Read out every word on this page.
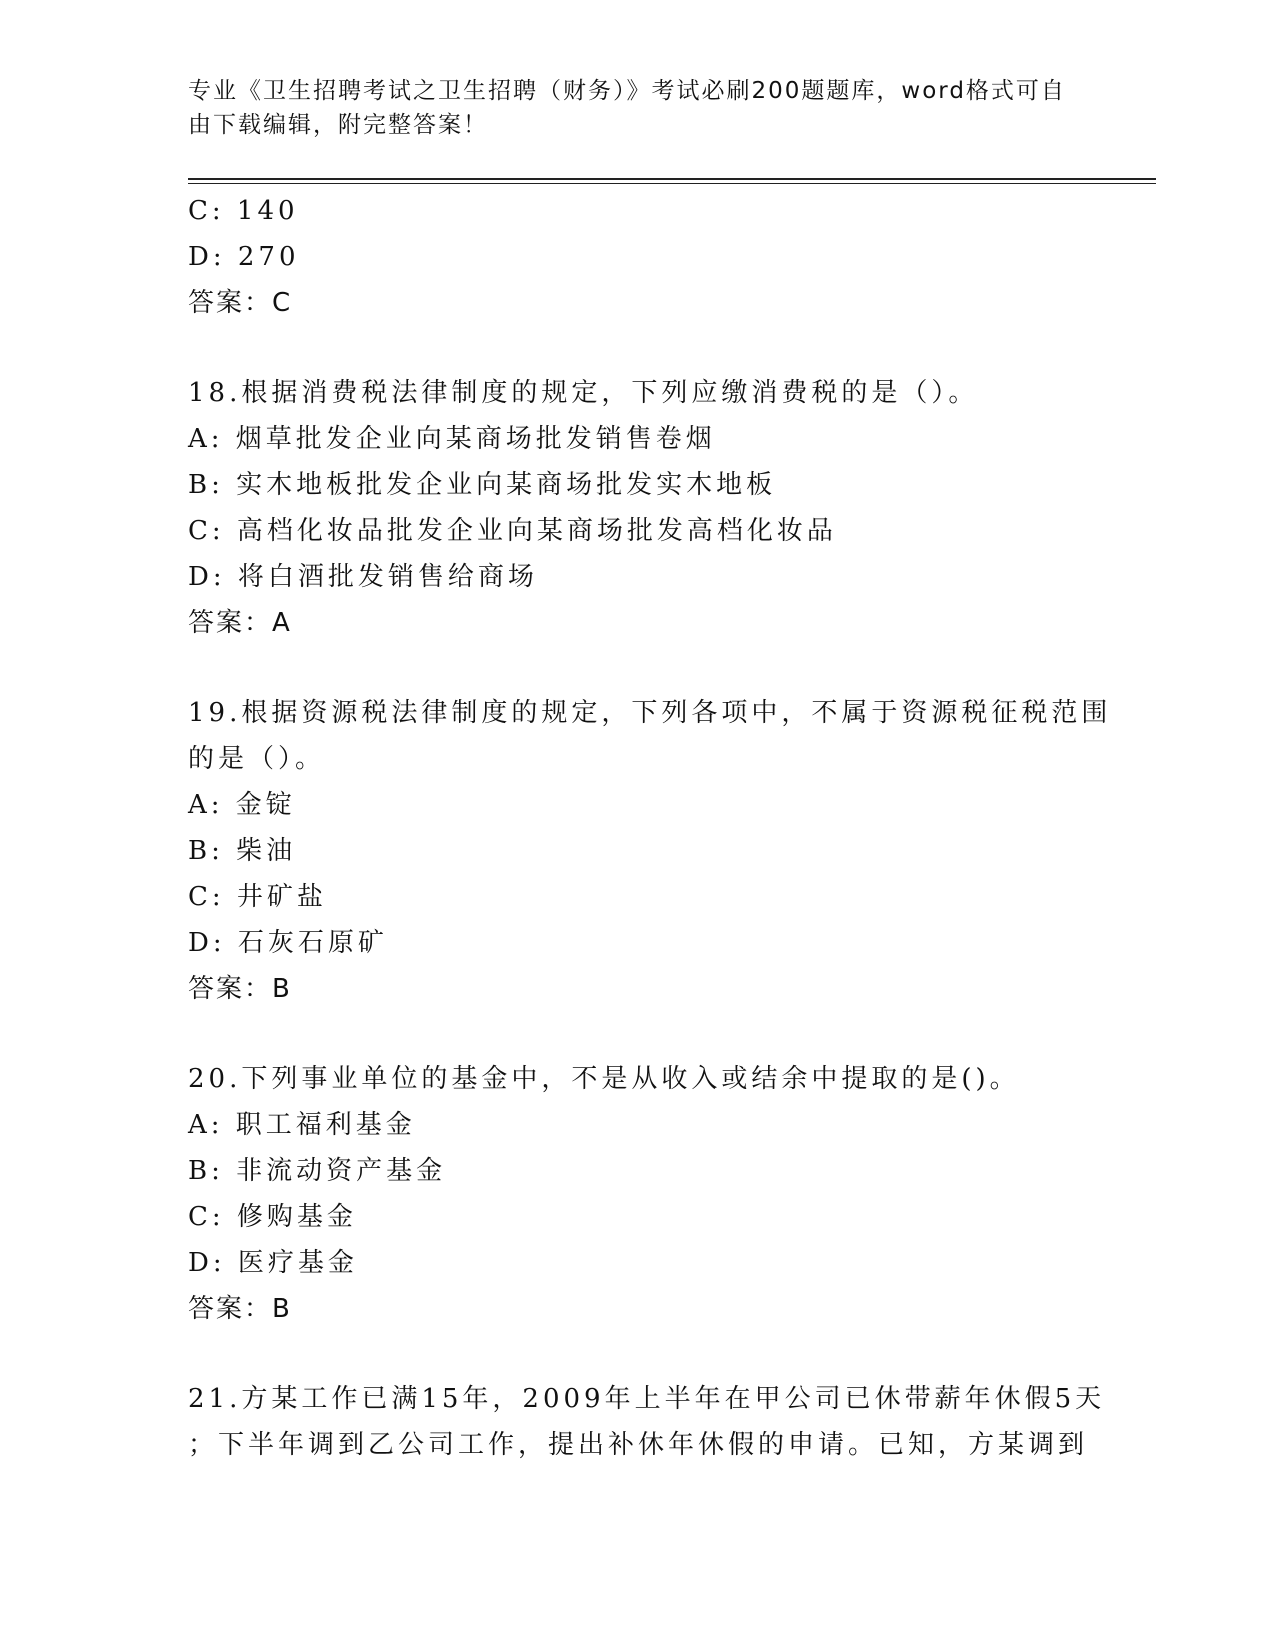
专业《卫生招聘考试之卫生招聘（财务）》考试必刷200题题库，word格式可自
由下载编辑，附完整答案！
C: 140
D: 270
答案：C
18.根据消费税法律制度的规定，下列应缴消费税的是（）。
A: 烟草批发企业向某商场批发销售卷烟
B: 实木地板批发企业向某商场批发实木地板
C: 高档化妆品批发企业向某商场批发高档化妆品
D: 将白酒批发销售给商场
答案：A
19.根据资源税法律制度的规定，下列各项中，不属于资源税征税范围
的是（）。
A: 金锭
B: 柴油
C: 井矿盐
D: 石灰石原矿
答案：B
20.下列事业单位的基金中，不是从收入或结余中提取的是()。
A: 职工福利基金
B: 非流动资产基金
C: 修购基金
D: 医疗基金
答案：B
21.方某工作已满15年，2009年上半年在甲公司已休带薪年休假5天
；下半年调到乙公司工作，提出补休年休假的申请。已知，方某调到
